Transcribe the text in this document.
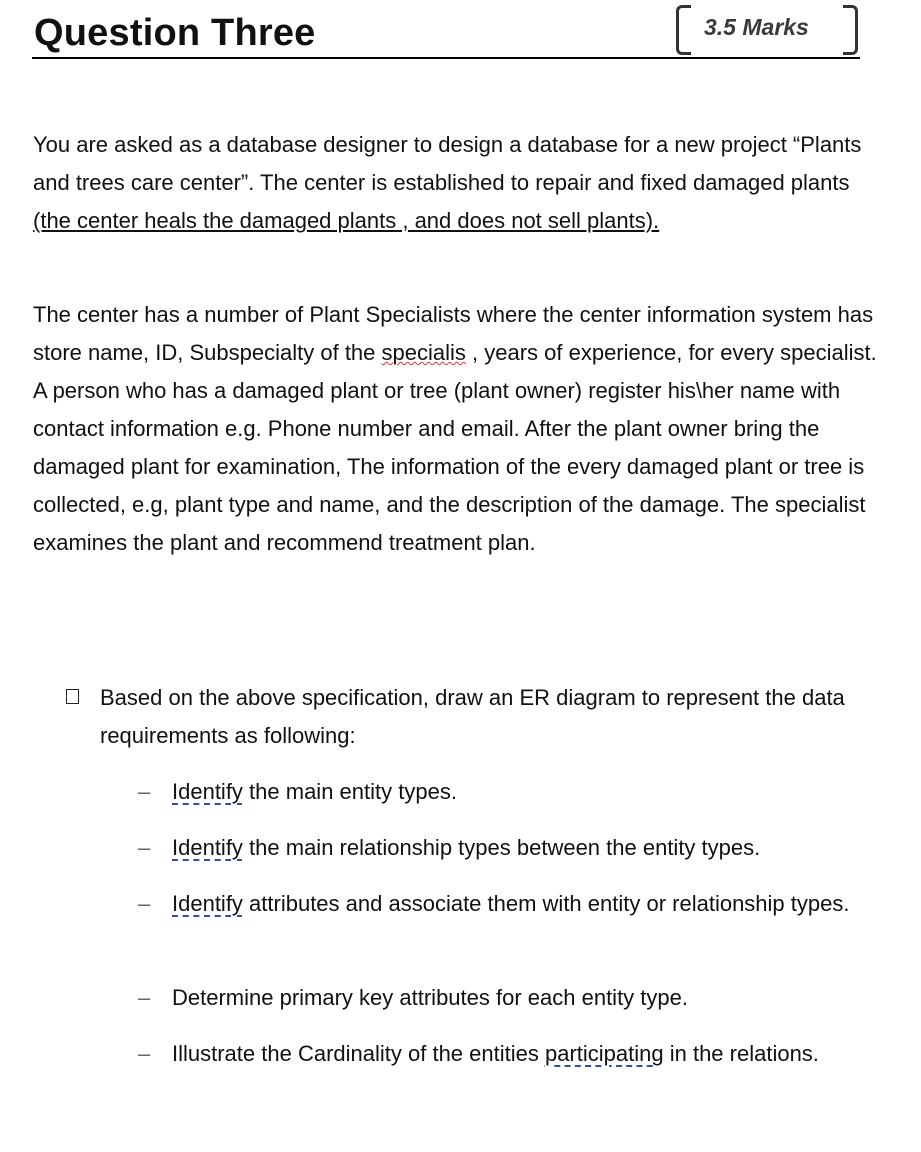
Question Three	3.5 Marks
You are asked as a database designer to design a database for a new project “Plants and trees care center”. The center is established to repair and fixed damaged plants (the center heals the damaged plants , and does not sell plants).
The center has a number of Plant Specialists where the center information system has store name, ID, Subspecialty of the specialis , years of experience, for every specialist. A person who has a damaged plant or tree (plant owner) register his\her name with contact information e.g. Phone number and email. After the plant owner bring the damaged plant for examination, The information of the every damaged plant or tree is collected, e.g, plant type and name, and the description of the damage. The specialist examines the plant and recommend treatment plan.
Based on the above specification, draw an ER diagram to represent the data requirements as following:
– Identify the main entity types.
– Identify the main relationship types between the entity types.
– Identify attributes and associate them with entity or relationship types.
– Determine primary key attributes for each entity type.
– Illustrate the Cardinality of the entities participating in the relations.
